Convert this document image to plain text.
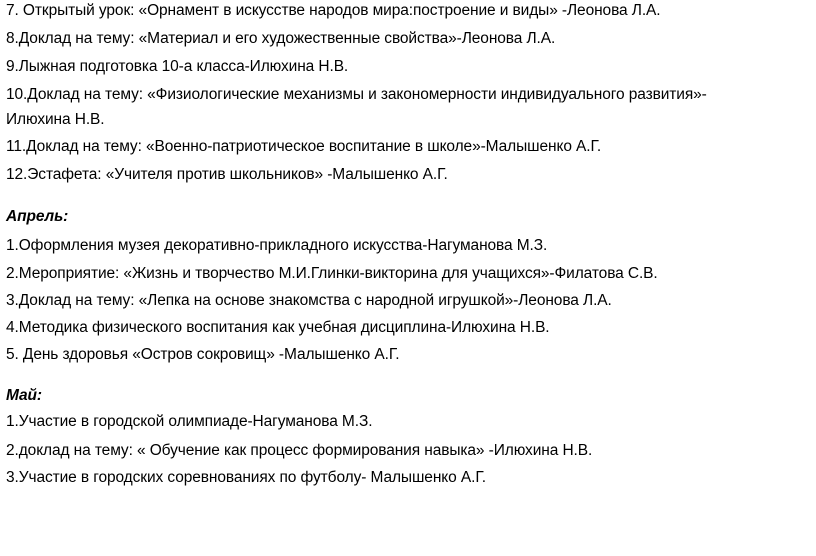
7. Открытый урок: «Орнамент в искусстве народов мира:построение и виды» -Леонова Л.А.
8.Доклад на тему: «Материал и его художественные свойства»-Леонова Л.А.
9.Лыжная подготовка 10-а класса-Илюхина Н.В.
10.Доклад на тему: «Физиологические механизмы и закономерности индивидуального развития»-
Илюхина Н.В.
11.Доклад на тему: «Военно-патриотическое воспитание в школе»-Малышенко А.Г.
12.Эстафета: «Учителя против школьников» -Малышенко А.Г.
Апрель:
1.Оформления музея декоративно-прикладного искусства-Нагуманова М.З.
2.Мероприятие: «Жизнь и творчество М.И.Глинки-викторина для учащихся»-Филатова С.В.
3.Доклад на тему: «Лепка на основе знакомства с народной игрушкой»-Леонова Л.А.
4.Методика физического воспитания как учебная дисциплина-Илюхина Н.В.
5. День здоровья «Остров сокровищ» -Малышенко А.Г.
Май:
1.Участие в городской олимпиаде-Нагуманова М.З.
2.доклад на тему: « Обучение как процесс формирования навыка» -Илюхина Н.В.
3.Участие в городских соревнованиях по футболу- Малышенко А.Г.
